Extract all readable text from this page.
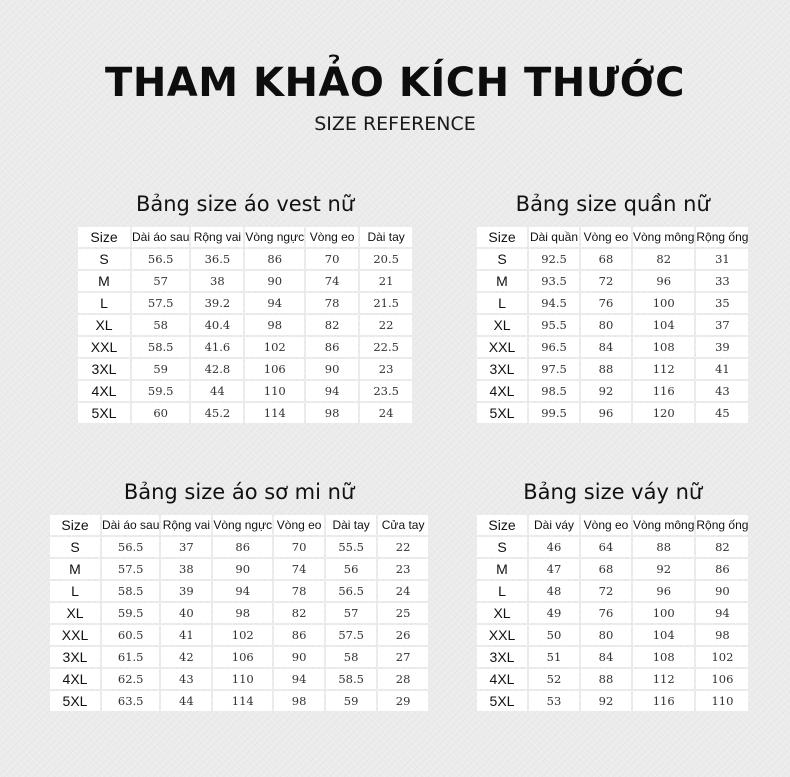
THAM KHẢO KÍCH THƯỚC
SIZE REFERENCE
Bảng size áo vest nữ
Size	Dài áo sau	Rộng vai	Vòng ngực	Vòng eo	Dài tay
S	56.5	36.5	86	70	20.5
M	57	38	90	74	21
L	57.5	39.2	94	78	21.5
XL	58	40.4	98	82	22
XXL	58.5	41.6	102	86	22.5
3XL	59	42.8	106	90	23
4XL	59.5	44	110	94	23.5
5XL	60	45.2	114	98	24
Bảng size quần nữ
Size	Dài quần	Vòng eo	Vòng mông	Rộng ống
S	92.5	68	82	31
M	93.5	72	96	33
L	94.5	76	100	35
XL	95.5	80	104	37
XXL	96.5	84	108	39
3XL	97.5	88	112	41
4XL	98.5	92	116	43
5XL	99.5	96	120	45
Bảng size áo sơ mi nữ
Size	Dài áo sau	Rộng vai	Vòng ngực	Vòng eo	Dài tay	Cửa tay
S	56.5	37	86	70	55.5	22
M	57.5	38	90	74	56	23
L	58.5	39	94	78	56.5	24
XL	59.5	40	98	82	57	25
XXL	60.5	41	102	86	57.5	26
3XL	61.5	42	106	90	58	27
4XL	62.5	43	110	94	58.5	28
5XL	63.5	44	114	98	59	29
Bảng size váy nữ
Size	Dài váy	Vòng eo	Vòng mông	Rộng ống
S	46	64	88	82
M	47	68	92	86
L	48	72	96	90
XL	49	76	100	94
XXL	50	80	104	98
3XL	51	84	108	102
4XL	52	88	112	106
5XL	53	92	116	110
